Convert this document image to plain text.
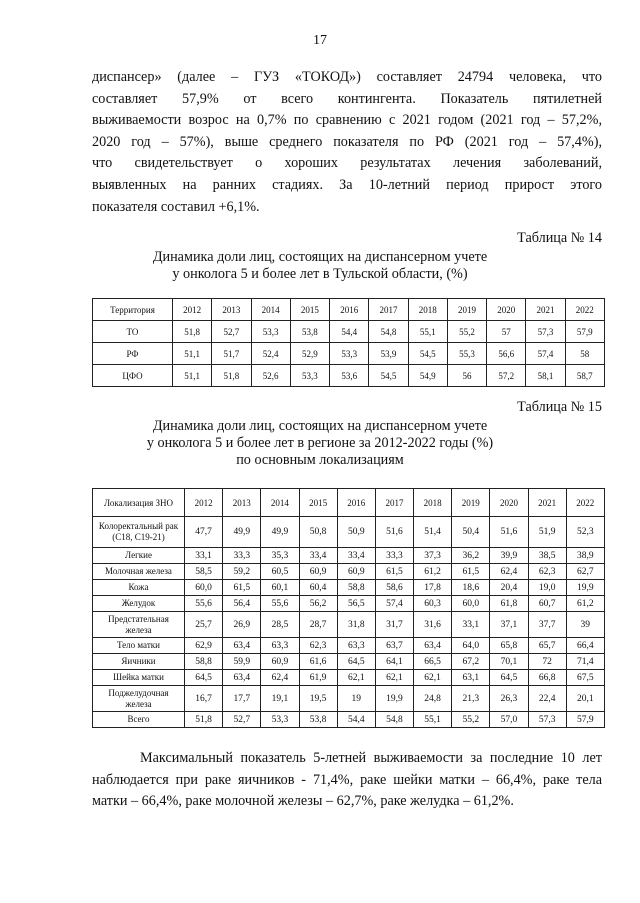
17

диспансер» (далее – ГУЗ «ТОКОД») составляет 24794 человека, что
составляет 57,9% от всего контингента. Показатель пятилетней
выживаемости возрос на 0,7% по сравнению с 2021 годом (2021 год – 57,2%,
2020 год – 57%), выше среднего показателя по РФ (2021 год – 57,4%),
что свидетельствует о хороших результатах лечения заболеваний,
выявленных на ранних стадиях. За 10-летний период прирост этого
показателя составил +6,1%.

Таблица № 14
Динамика доли лиц, состоящих на диспансерном учете
у онколога 5 и более лет в Тульской области, (%)
Территория	2012	2013	2014	2015	2016	2017	2018	2019	2020	2021	2022
ТО	51,8	52,7	53,3	53,8	54,4	54,8	55,1	55,2	57	57,3	57,9
РФ	51,1	51,7	52,4	52,9	53,3	53,9	54,5	55,3	56,6	57,4	58
ЦФО	51,1	51,8	52,6	53,3	53,6	54,5	54,9	56	57,2	58,1	58,7
Таблица № 15
Динамика доли лиц, состоящих на диспансерном учете
у онколога 5 и более лет в регионе за 2012-2022 годы (%)
по основным локализациям
Локализация ЗНО	2012	2013	2014	2015	2016	2017	2018	2019	2020	2021	2022
Колоректальный рак (С18, С19-21)	47,7	49,9	49,9	50,8	50,9	51,6	51,4	50,4	51,6	51,9	52,3
Легкие	33,1	33,3	35,3	33,4	33,4	33,3	37,3	36,2	39,9	38,5	38,9
Молочная железа	58,5	59,2	60,5	60,9	60,9	61,5	61,2	61,5	62,4	62,3	62,7
Кожа	60,0	61,5	60,1	60,4	58,8	58,6	17,8	18,6	20,4	19,0	19,9
Желудок	55,6	56,4	55,6	56,2	56,5	57,4	60,3	60,0	61,8	60,7	61,2
Предстательная железа	25,7	26,9	28,5	28,7	31,8	31,7	31,6	33,1	37,1	37,7	39
Тело матки	62,9	63,4	63,3	62,3	63,3	63,7	63,4	64,0	65,8	65,7	66,4
Яичники	58,8	59,9	60,9	61,6	64,5	64,1	66,5	67,2	70,1	72	71,4
Шейка матки	64,5	63,4	62,4	61,9	62,1	62,1	62,1	63,1	64,5	66,8	67,5
Поджелудочная железа	16,7	17,7	19,1	19,5	19	19,9	24,8	21,3	26,3	22,4	20,1
Всего	51,8	52,7	53,3	53,8	54,4	54,8	55,1	55,2	57,0	57,3	57,9

Максимальный показатель 5-летней выживаемости за последние 10 лет
наблюдается при раке яичников - 71,4%, раке шейки матки – 66,4%, раке тела
матки – 66,4%, раке молочной железы – 62,7%, раке желудка – 61,2%.
